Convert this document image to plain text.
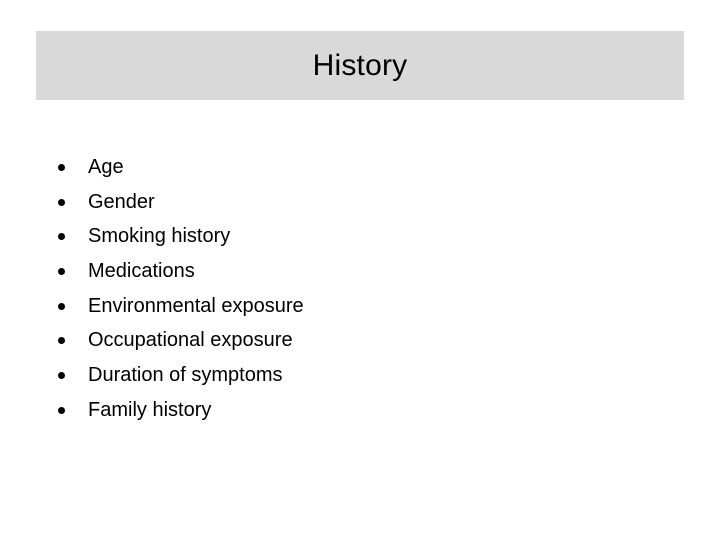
History
Age
Gender
Smoking history
Medications
Environmental exposure
Occupational exposure
Duration of symptoms
Family history
